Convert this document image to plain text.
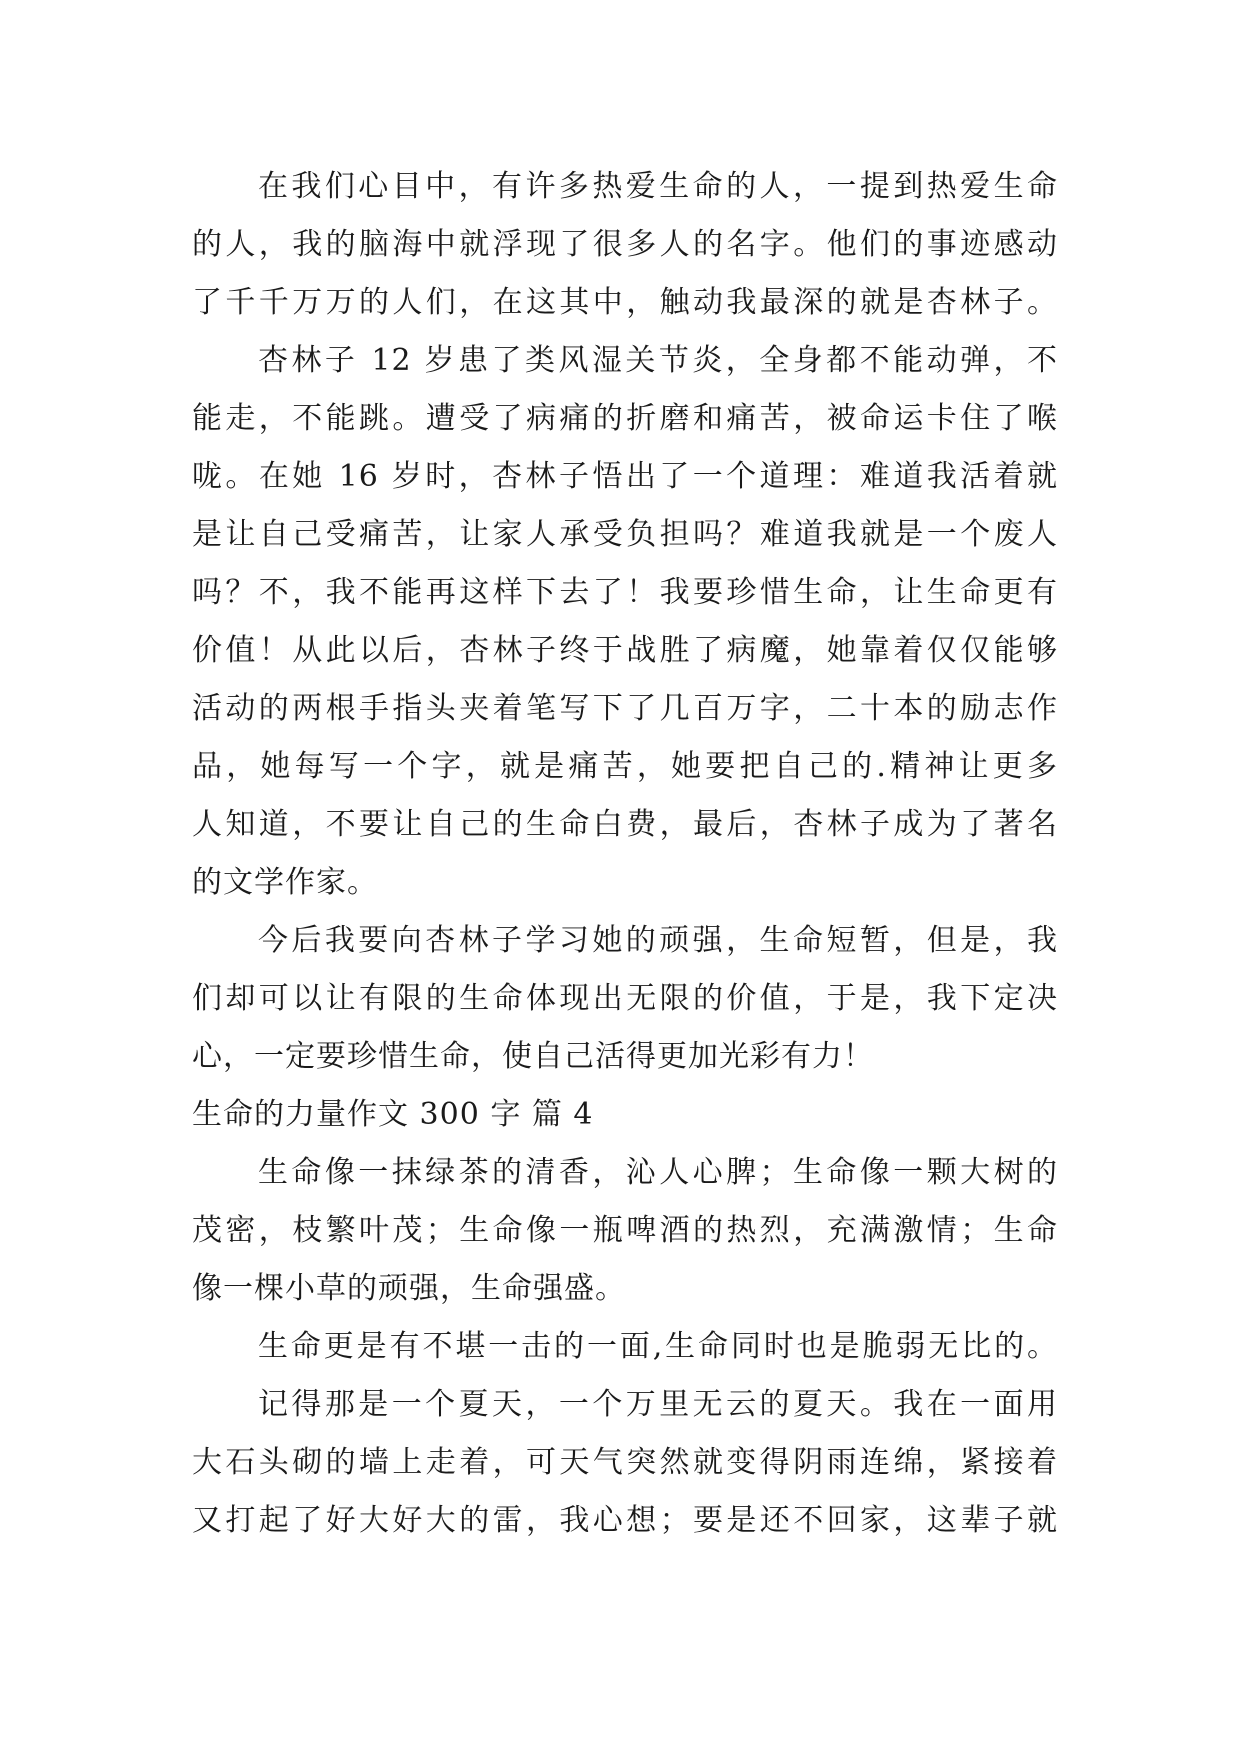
在我们心目中，有许多热爱生命的人，一提到热爱生命
的人，我的脑海中就浮现了很多人的名字。他们的事迹感动
了千千万万的人们，在这其中，触动我最深的就是杏林子。
杏林子 12 岁患了类风湿关节炎，全身都不能动弹，不
能走，不能跳。遭受了病痛的折磨和痛苦，被命运卡住了喉
咙。在她 16 岁时，杏林子悟出了一个道理：难道我活着就
是让自己受痛苦，让家人承受负担吗？难道我就是一个废人
吗？不，我不能再这样下去了！我要珍惜生命，让生命更有
价值！从此以后，杏林子终于战胜了病魔，她靠着仅仅能够
活动的两根手指头夹着笔写下了几百万字，二十本的励志作
品，她每写一个字，就是痛苦，她要把自己的.精神让更多
人知道，不要让自己的生命白费，最后，杏林子成为了著名
的文学作家。
今后我要向杏林子学习她的顽强，生命短暂，但是，我
们却可以让有限的生命体现出无限的价值，于是，我下定决
心，一定要珍惜生命，使自己活得更加光彩有力！
生命的力量作文 300 字 篇 4
生命像一抹绿茶的清香，沁人心脾；生命像一颗大树的
茂密，枝繁叶茂；生命像一瓶啤酒的热烈，充满激情；生命
像一棵小草的顽强，生命强盛。
生命更是有不堪一击的一面,生命同时也是脆弱无比的。
记得那是一个夏天，一个万里无云的夏天。我在一面用
大石头砌的墙上走着，可天气突然就变得阴雨连绵，紧接着
又打起了好大好大的雷，我心想；要是还不回家，这辈子就
